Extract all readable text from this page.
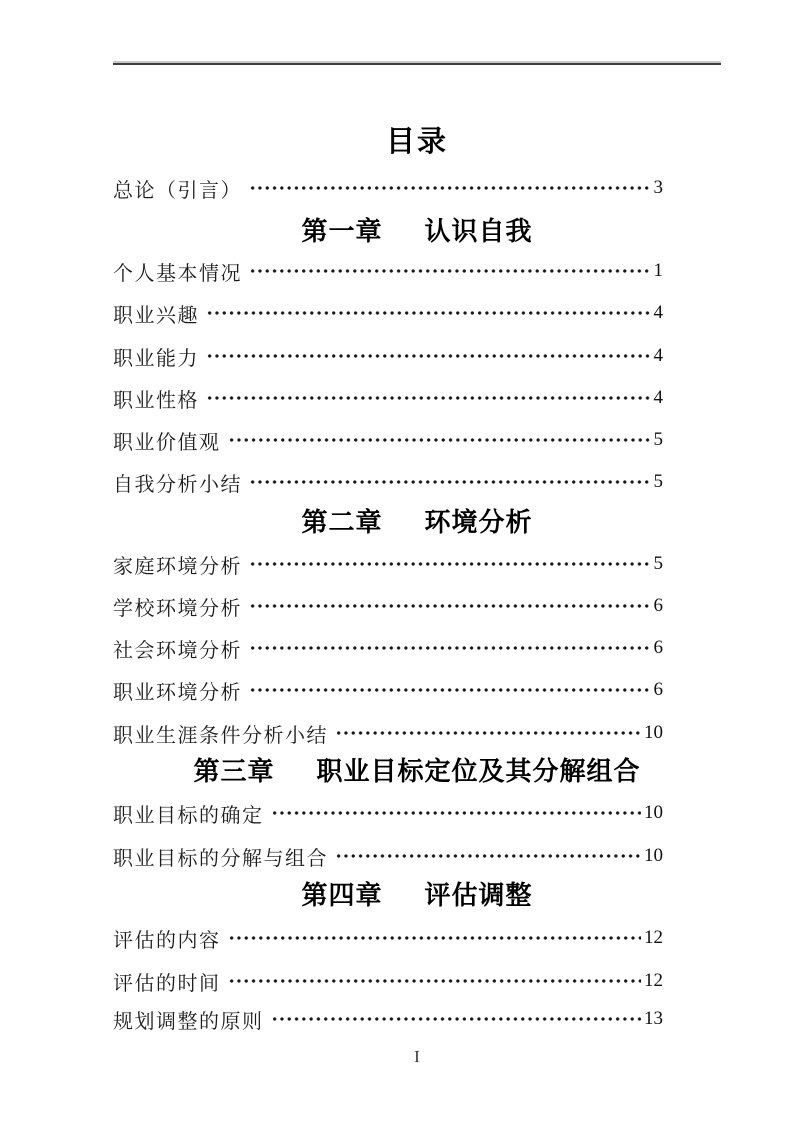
目录
总论（引言）	3
第一章 认识自我
个人基本情况	1
职业兴趣	4
职业能力	4
职业性格	4
职业价值观	5
自我分析小结	5
第二章 环境分析
家庭环境分析	5
学校环境分析	6
社会环境分析	6
职业环境分析	6
职业生涯条件分析小结	10
第三章 职业目标定位及其分解组合
职业目标的确定	10
职业目标的分解与组合	10
第四章 评估调整
评估的内容	12
评估的时间	12
规划调整的原则	13
I
